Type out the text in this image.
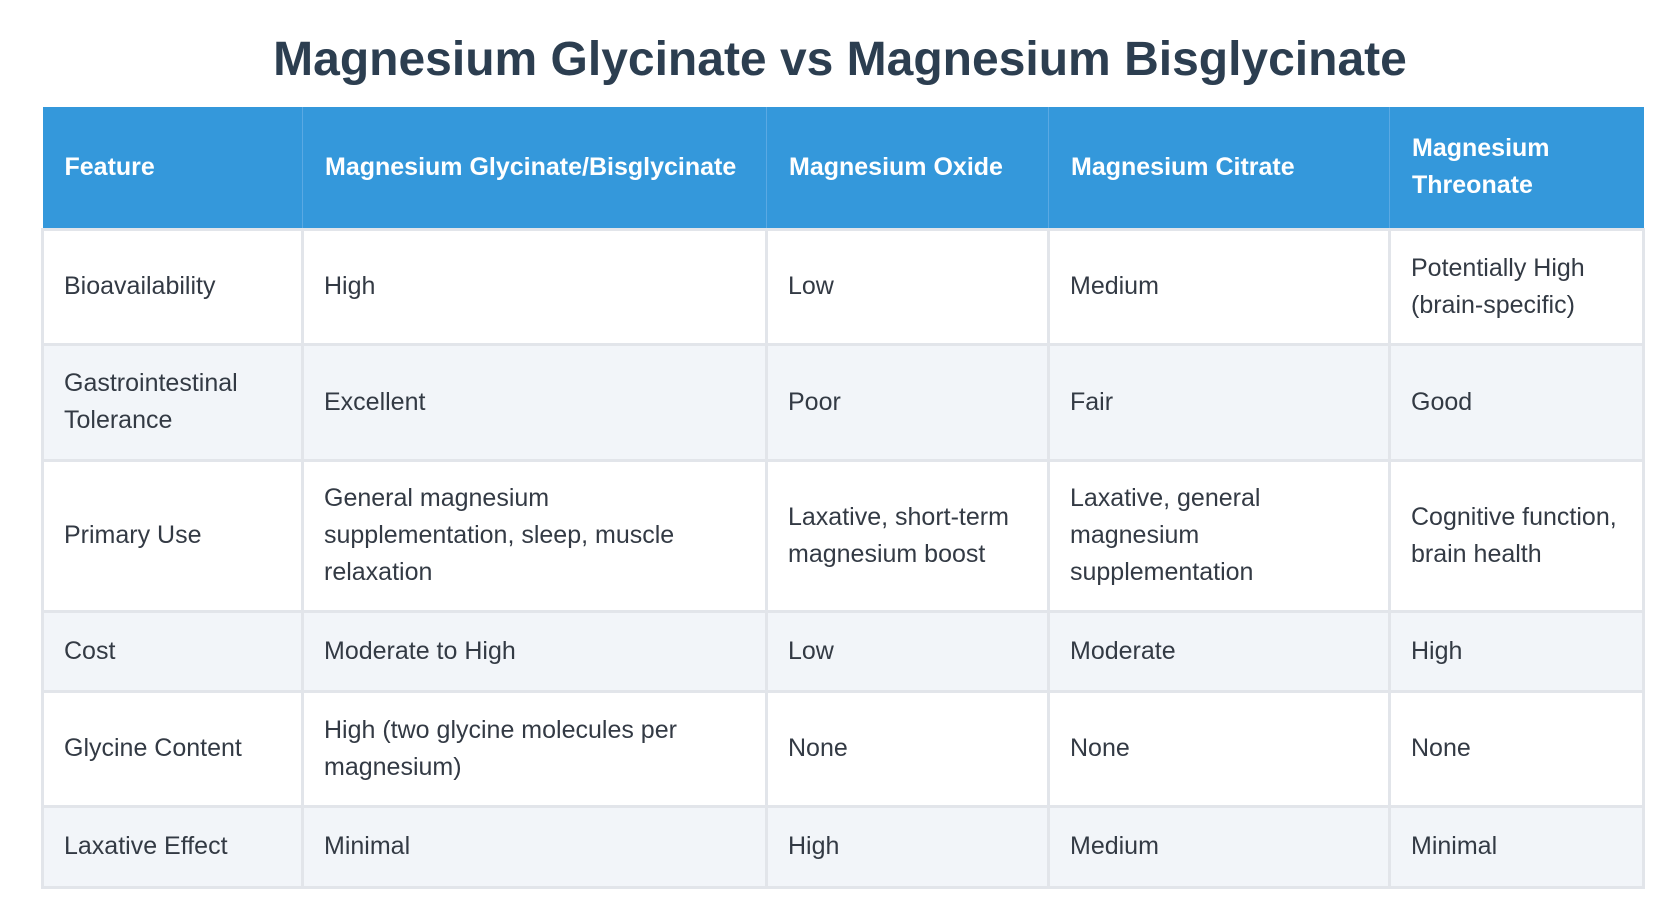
Magnesium Glycinate vs Magnesium Bisglycinate
Feature	Magnesium Glycinate/Bisglycinate	Magnesium Oxide	Magnesium Citrate	Magnesium Threonate
Bioavailability	High	Low	Medium	Potentially High (brain-specific)
Gastrointestinal Tolerance	Excellent	Poor	Fair	Good
Primary Use	General magnesium supplementation, sleep, muscle relaxation	Laxative, short-term magnesium boost	Laxative, general magnesium supplementation	Cognitive function, brain health
Cost	Moderate to High	Low	Moderate	High
Glycine Content	High (two glycine molecules per magnesium)	None	None	None
Laxative Effect	Minimal	High	Medium	Minimal
